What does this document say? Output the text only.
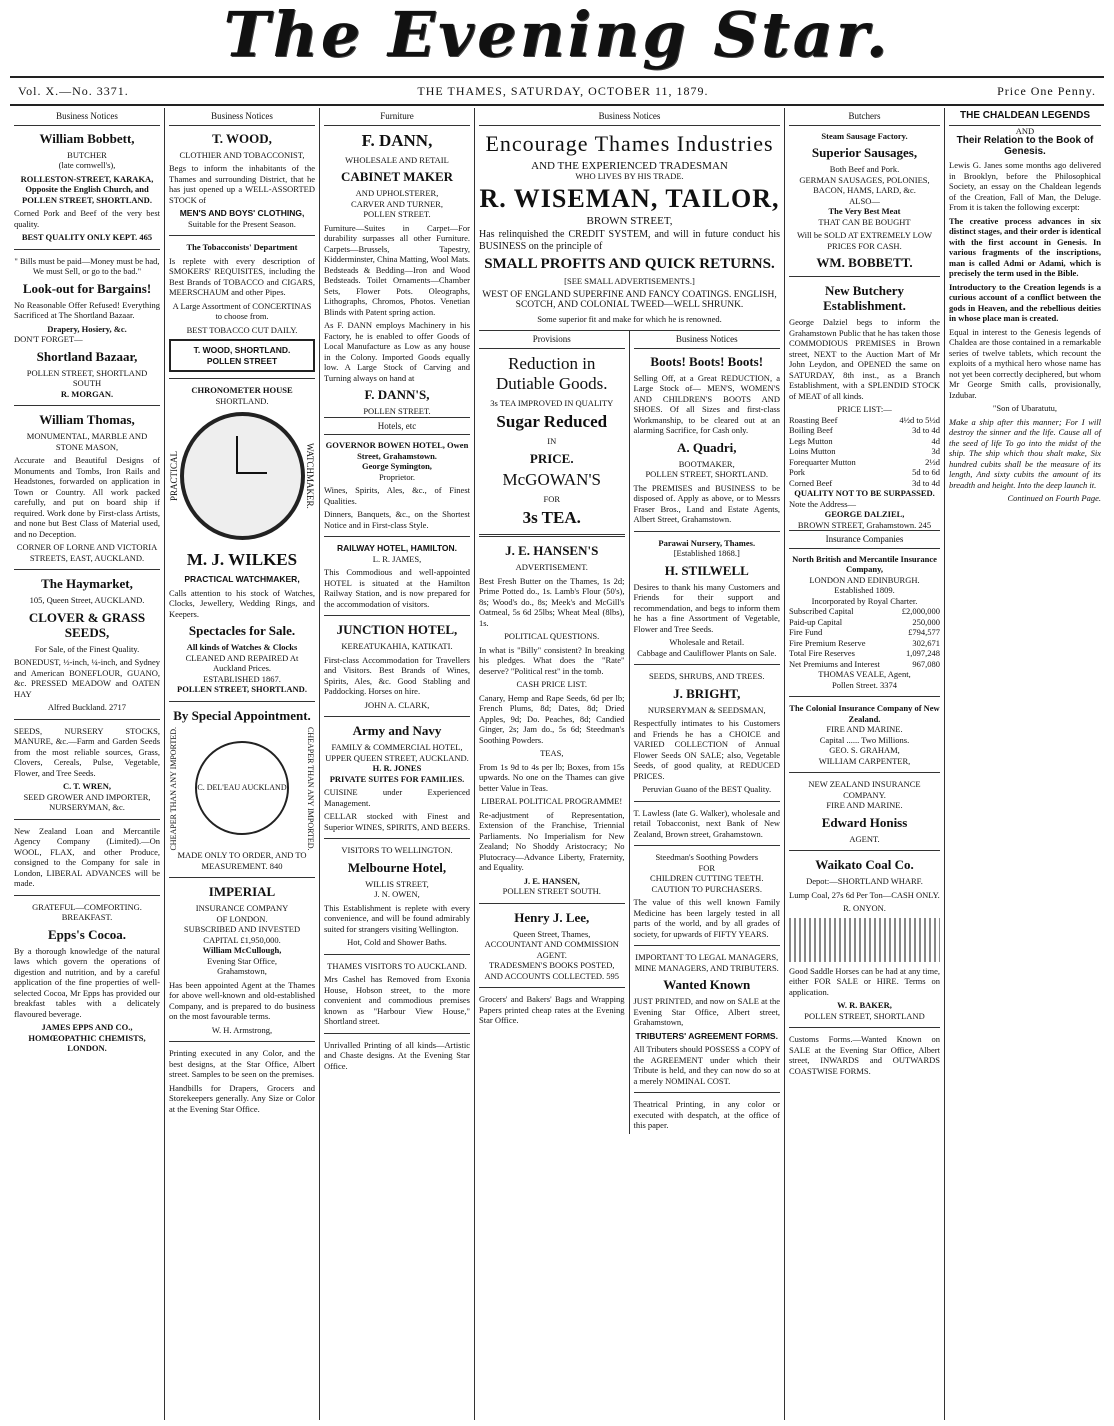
The Evening Star.
Vol. X.—No. 3371.	THE THAMES, SATURDAY, OCTOBER 11, 1879.	Price One Penny.
Business Notices
William Bobbett,
BUTCHER
(late cornwell's),

ROLLESTON-STREET, KARAKA, Opposite the English Church, and POLLEN STREET, SHORTLAND.

Corned Pork and Beef of the very best quality.

BEST QUALITY ONLY KEPT. 465

" Bills must be paid—Money must be had, We must Sell, or go to the bad."

Look-out for Bargains!

No Reasonable Offer Refused! Everything Sacrificed at The Shortland Bazaar.

Drapery, Hosiery, &c.
DON'T FORGET—
Shortland Bazaar,
POLLEN STREET, SHORTLAND SOUTH
R. MORGAN.
William Thomas,
MONUMENTAL, MARBLE AND STONE MASON,

Accurate and Beautiful Designs of Monuments and Tombs, Iron Rails and Headstones, forwarded on application in Town or Country. All work packed carefully, and put on board ship if required. Work done by First-class Artists, and none but Best Class of Material used, and no Deception.

CORNER OF LORNE AND VICTORIA STREETS, EAST, AUCKLAND.

The Haymarket,
105, Queen Street, AUCKLAND.
CLOVER & GRASS SEEDS,
For Sale, of the Finest Quality.

BONEDUST, ½-inch, ¼-inch, and Sydney and American BONEFLOUR, GUANO, &c. PRESSED MEADOW and OATEN HAY

Alfred Buckland. 2717

SEEDS, NURSERY STOCKS, MANURE, &c.—Farm and Garden Seeds from the most reliable sources, Grass, Clovers, Cereals, Pulse, Vegetable, Flower, and Tree Seeds.

C. T. WREN,
SEED GROWER AND IMPORTER, NURSERYMAN, &c.

New Zealand Loan and Mercantile Agency Company (Limited).—On WOOL, FLAX, and other Produce, consigned to the Company for sale in London, LIBERAL ADVANCES will be made.

GRATEFUL—COMFORTING.
BREAKFAST.
Epps's Cocoa.

By a thorough knowledge of the natural laws which govern the operations of digestion and nutrition, and by a careful application of the fine properties of well-selected Cocoa, Mr Epps has provided our breakfast tables with a delicately flavoured beverage.

JAMES EPPS AND CO., HOMŒOPATHIC CHEMISTS, LONDON.
Business Notices
T. WOOD,
CLOTHIER AND TOBACCONIST,

Begs to inform the inhabitants of the Thames and surrounding District, that he has just opened up a WELL-ASSORTED STOCK of

MEN'S AND BOYS' CLOTHING,
Suitable for the Present Season.
The Tobacconists' Department

Is replete with every description of SMOKERS' REQUISITES, including the Best Brands of TOBACCO and CIGARS, MEERSCHAUM and other Pipes.

A Large Assortment of CONCERTINAS to choose from.

BEST TOBACCO CUT DAILY.
T. WOOD, SHORTLAND.
POLLEN STREET
CHRONOMETER HOUSE
SHORTLAND.
PRACTICAL	WATCHMAKER.
M. J. WILKES
PRACTICAL WATCHMAKER,

Calls attention to his stock of Watches, Clocks, Jewellery, Wedding Rings, and Keepers.

Spectacles for Sale.
All kinds of Watches & Clocks
CLEANED AND REPAIRED At Auckland Prices.
ESTABLISHED 1867.
POLLEN STREET, SHORTLAND.
By Special Appointment.
CHEAPER THAN ANY IMPORTED. C. DEL'EAU AUCKLAND CHEAPER THAN ANY IMPORTED.
MADE ONLY TO ORDER, AND TO MEASUREMENT. 840
IMPERIAL
INSURANCE COMPANY
OF LONDON.
SUBSCRIBED AND INVESTED
CAPITAL £1,950,000.
William McCullough,
Evening Star Office,
Grahamstown,

Has been appointed Agent at the Thames for above well-known and old-established Company, and is prepared to do business on the most favourable terms.

W. H. Armstrong,

Printing executed in any Color, and the best designs, at the Star Office, Albert street. Samples to be seen on the premises.

Handbills for Drapers, Grocers and Storekeepers generally. Any Size or Color at the Evening Star Office.

Furniture
F. DANN,
WHOLESALE AND RETAIL
CABINET MAKER
AND UPHOLSTERER,
CARVER AND TURNER,
POLLEN STREET.

Furniture—Suites in Carpet—For durability surpasses all other Furniture. Carpets—Brussels, Tapestry, Kidderminster, China Matting, Wool Mats. Bedsteads & Bedding—Iron and Wood Bedsteads. Toilet Ornaments—Chamber Sets, Flower Pots. Oleographs, Lithographs, Chromos, Photos. Venetian Blinds with Patent spring action.

As F. DANN employs Machinery in his Factory, he is enabled to offer Goods of Local Manufacture as Low as any house in the Colony. Imported Goods equally low. A Large Stock of Carving and Turning always on hand at

F. DANN'S,
POLLEN STREET.
Hotels, etc
GOVERNOR BOWEN HOTEL, Owen Street, Grahamstown.
George Symington,
Proprietor.

Wines, Spirits, Ales, &c., of Finest Qualities.

Dinners, Banquets, &c., on the Shortest Notice and in First-class Style.

RAILWAY HOTEL, HAMILTON.
L. R. JAMES,

This Commodious and well-appointed HOTEL is situated at the Hamilton Railway Station, and is now prepared for the accommodation of visitors.

JUNCTION HOTEL,
KEREATUKAHIA, KATIKATI.

First-class Accommodation for Travellers and Visitors. Best Brands of Wines, Spirits, Ales, &c. Good Stabling and Paddocking. Horses on hire.

JOHN A. CLARK,
Army and Navy
FAMILY & COMMERCIAL HOTEL,
UPPER QUEEN STREET, AUCKLAND.
H. R. JONES
PRIVATE SUITES FOR FAMILIES.

CUISINE under Experienced Management.

CELLAR stocked with Finest and Superior WINES, SPIRITS, AND BEERS.

VISITORS TO WELLINGTON.
Melbourne Hotel,
WILLIS STREET,
J. N. OWEN,

This Establishment is replete with every convenience, and will be found admirably suited for strangers visiting Wellington.

Hot, Cold and Shower Baths.
THAMES VISITORS TO AUCKLAND.

Mrs Cashel has Removed from Exonia House, Hobson street, to the more convenient and commodious premises known as "Harbour View House," Shortland street.

Unrivalled Printing of all kinds—Artistic and Chaste designs. At the Evening Star Office.

Business Notices
Encourage Thames Industries
AND THE EXPERIENCED TRADESMAN
WHO LIVES BY HIS TRADE.
R. WISEMAN, TAILOR,
BROWN STREET,

Has relinquished the CREDIT SYSTEM, and will in future conduct his BUSINESS on the principle of

SMALL PROFITS AND QUICK RETURNS.
[SEE SMALL ADVERTISEMENTS.]

WEST OF ENGLAND SUPERFINE AND FANCY COATINGS. ENGLISH, SCOTCH, AND COLONIAL TWEED—WELL SHRUNK.

Some superior fit and make for which he is renowned.
Provisions
Reduction in Dutiable Goods.
3s TEA IMPROVED IN QUALITY
Sugar Reduced
IN
PRICE.
McGOWAN'S
FOR
3s TEA.
J. E. HANSEN'S
ADVERTISEMENT.

Best Fresh Butter on the Thames, 1s 2d; Prime Potted do., 1s. Lamb's Flour (50's), 8s; Wood's do., 8s; Meek's and McGill's Oatmeal, 5s 6d 25lbs; Wheat Meal (8lbs), 1s.

POLITICAL QUESTIONS.

In what is "Billy" consistent? In breaking his pledges. What does the "Rate" deserve? "Political rest" in the tomb.

CASH PRICE LIST.

Canary, Hemp and Rape Seeds, 6d per lb; French Plums, 8d; Dates, 8d; Dried Apples, 9d; Do. Peaches, 8d; Candied Ginger, 2s; Jam do., 5s 6d; Steedman's Soothing Powders.

TEAS,

From 1s 9d to 4s per lb; Boxes, from 15s upwards. No one on the Thames can give better Value in Teas.

LIBERAL POLITICAL PROGRAMME!

Re-adjustment of Representation, Extension of the Franchise, Triennial Parliaments. No Imperialism for New Zealand; No Shoddy Aristocracy; No Plutocracy—Advance Liberty, Fraternity, and Equality.

J. E. HANSEN,
POLLEN STREET SOUTH.
Henry J. Lee,
Queen Street, Thames,
ACCOUNTANT AND COMMISSION AGENT.
TRADESMEN'S BOOKS POSTED, AND ACCOUNTS COLLECTED. 595

Grocers' and Bakers' Bags and Wrapping Papers printed cheap rates at the Evening Star Office.

Business Notices
Boots! Boots! Boots!

Selling Off, at a Great REDUCTION, a Large Stock of— MEN'S, WOMEN'S AND CHILDREN'S BOOTS AND SHOES. Of all Sizes and first-class Workmanship, to be cleared out at an alarming Sacrifice, for Cash only.

A. Quadri,
BOOTMAKER,
POLLEN STREET, SHORTLAND.

The PREMISES and BUSINESS to be disposed of. Apply as above, or to Messrs Fraser Bros., Land and Estate Agents, Albert Street, Grahamstown.

Parawai Nursery, Thames.
[Established 1868.]
H. STILWELL

Desires to thank his many Customers and Friends for their support and recommendation, and begs to inform them he has a fine Assortment of Vegetable, Flower and Tree Seeds.

Wholesale and Retail.
Cabbage and Cauliflower Plants on Sale.
SEEDS, SHRUBS, AND TREES.
J. BRIGHT,
NURSERYMAN & SEEDSMAN,

Respectfully intimates to his Customers and Friends he has a CHOICE and VARIED COLLECTION of Annual Flower Seeds ON SALE; also, Vegetable Seeds, of good quality, at REDUCED PRICES.

Peruvian Guano of the BEST Quality.

T. Lawless (late G. Walker), wholesale and retail Tobacconist, next Bank of New Zealand, Brown street, Grahamstown.

Steedman's Soothing Powders
FOR
CHILDREN CUTTING TEETH.
CAUTION TO PURCHASERS.

The value of this well known Family Medicine has been largely tested in all parts of the world, and by all grades of society, for upwards of FIFTY YEARS.

IMPORTANT TO LEGAL MANAGERS, MINE MANAGERS, AND TRIBUTERS.
Wanted Known

JUST PRINTED, and now on SALE at the Evening Star Office, Albert street, Grahamstown,

TRIBUTERS' AGREEMENT FORMS.

All Tributers should POSSESS a COPY of the AGREEMENT under which their Tribute is held, and they can now do so at a merely NOMINAL COST.

Theatrical Printing, in any color or executed with despatch, at the office of this paper.

Butchers
Steam Sausage Factory.
Superior Sausages,
Both Beef and Pork.
GERMAN SAUSAGES, POLONIES,
BACON, HAMS, LARD, &c.
ALSO—
The Very Best Meat
THAT CAN BE BOUGHT

Will be SOLD AT EXTREMELY LOW PRICES FOR CASH.

WM. BOBBETT.
New Butchery Establishment.

George Dalziel begs to inform the Grahamstown Public that he has taken those COMMODIOUS PREMISES in Brown street, NEXT to the Auction Mart of Mr John Leydon, and OPENED the same on SATURDAY, 8th inst., as a Branch Establishment, with a SPLENDID STOCK of MEAT of all kinds.

PRICE LIST:—
Roasting Beef	4½d to 5½d
Boiling Beef	3d to 4d
Legs Mutton	4d
Loins Mutton	3d
Forequarter Mutton	2½d
Pork	5d to 6d
Corned Beef	3d to 4d
QUALITY NOT TO BE SURPASSED.
Note the Address—
GEORGE DALZIEL,
BROWN STREET, Grahamstown. 245
Insurance Companies
North British and Mercantile Insurance Company,
LONDON AND EDINBURGH.
Established 1809.
Incorporated by Royal Charter.
Subscribed Capital	£2,000,000
Paid-up Capital	250,000
Fire Fund	£794,577
Fire Premium Reserve	302,671
Total Fire Reserves	1,097,248
Net Premiums and Interest	967,080
THOMAS VEALE, Agent,
Pollen Street. 3374
The Colonial Insurance Company of New Zealand.
FIRE AND MARINE.
Capital ...... Two Millions.
GEO. S. GRAHAM,
WILLIAM CARPENTER,
NEW ZEALAND INSURANCE COMPANY.
FIRE AND MARINE.
Edward Honiss
AGENT.
Waikato Coal Co.
Depot:—SHORTLAND WHARF.

Lump Coal, 27s 6d Per Ton—CASH ONLY.

R. ONYON.

Good Saddle Horses can be had at any time, either FOR SALE or HIRE. Terms on application.

W. R. BAKER,
POLLEN STREET, SHORTLAND

Customs Forms.—Wanted Known on SALE at the Evening Star Office, Albert street, INWARDS and OUTWARDS COASTWISE FORMS.

THE CHALDEAN LEGENDS
AND
Their Relation to the Book of Genesis.

Lewis G. Janes some months ago delivered in Brooklyn, before the Philosophical Society, an essay on the Chaldean legends of the Creation, Fall of Man, the Deluge. From it is taken the following excerpt:

The creative process advances in six distinct stages, and their order is identical with the first account in Genesis. In various fragments of the inscriptions, man is called Admi or Adami, which is precisely the term used in the Bible.

Introductory to the Creation legends is a curious account of a conflict between the gods in Heaven, and the rebellious deities in whose place man is created.

Equal in interest to the Genesis legends of Chaldea are those contained in a remarkable series of twelve tablets, which recount the exploits of a mythical hero whose name has not yet been correctly deciphered, but whom Mr George Smith calls, provisionally, Izdubar.

"Son of Ubaratutu,

Make a ship after this manner; For I will destroy the sinner and the life. Cause all of the seed of life To go into the midst of the ship. The ship which thou shalt make, Six hundred cubits shall be the measure of its length, And sixty cubits the amount of its breadth and height. Into the deep launch it.

Continued on Fourth Page.
